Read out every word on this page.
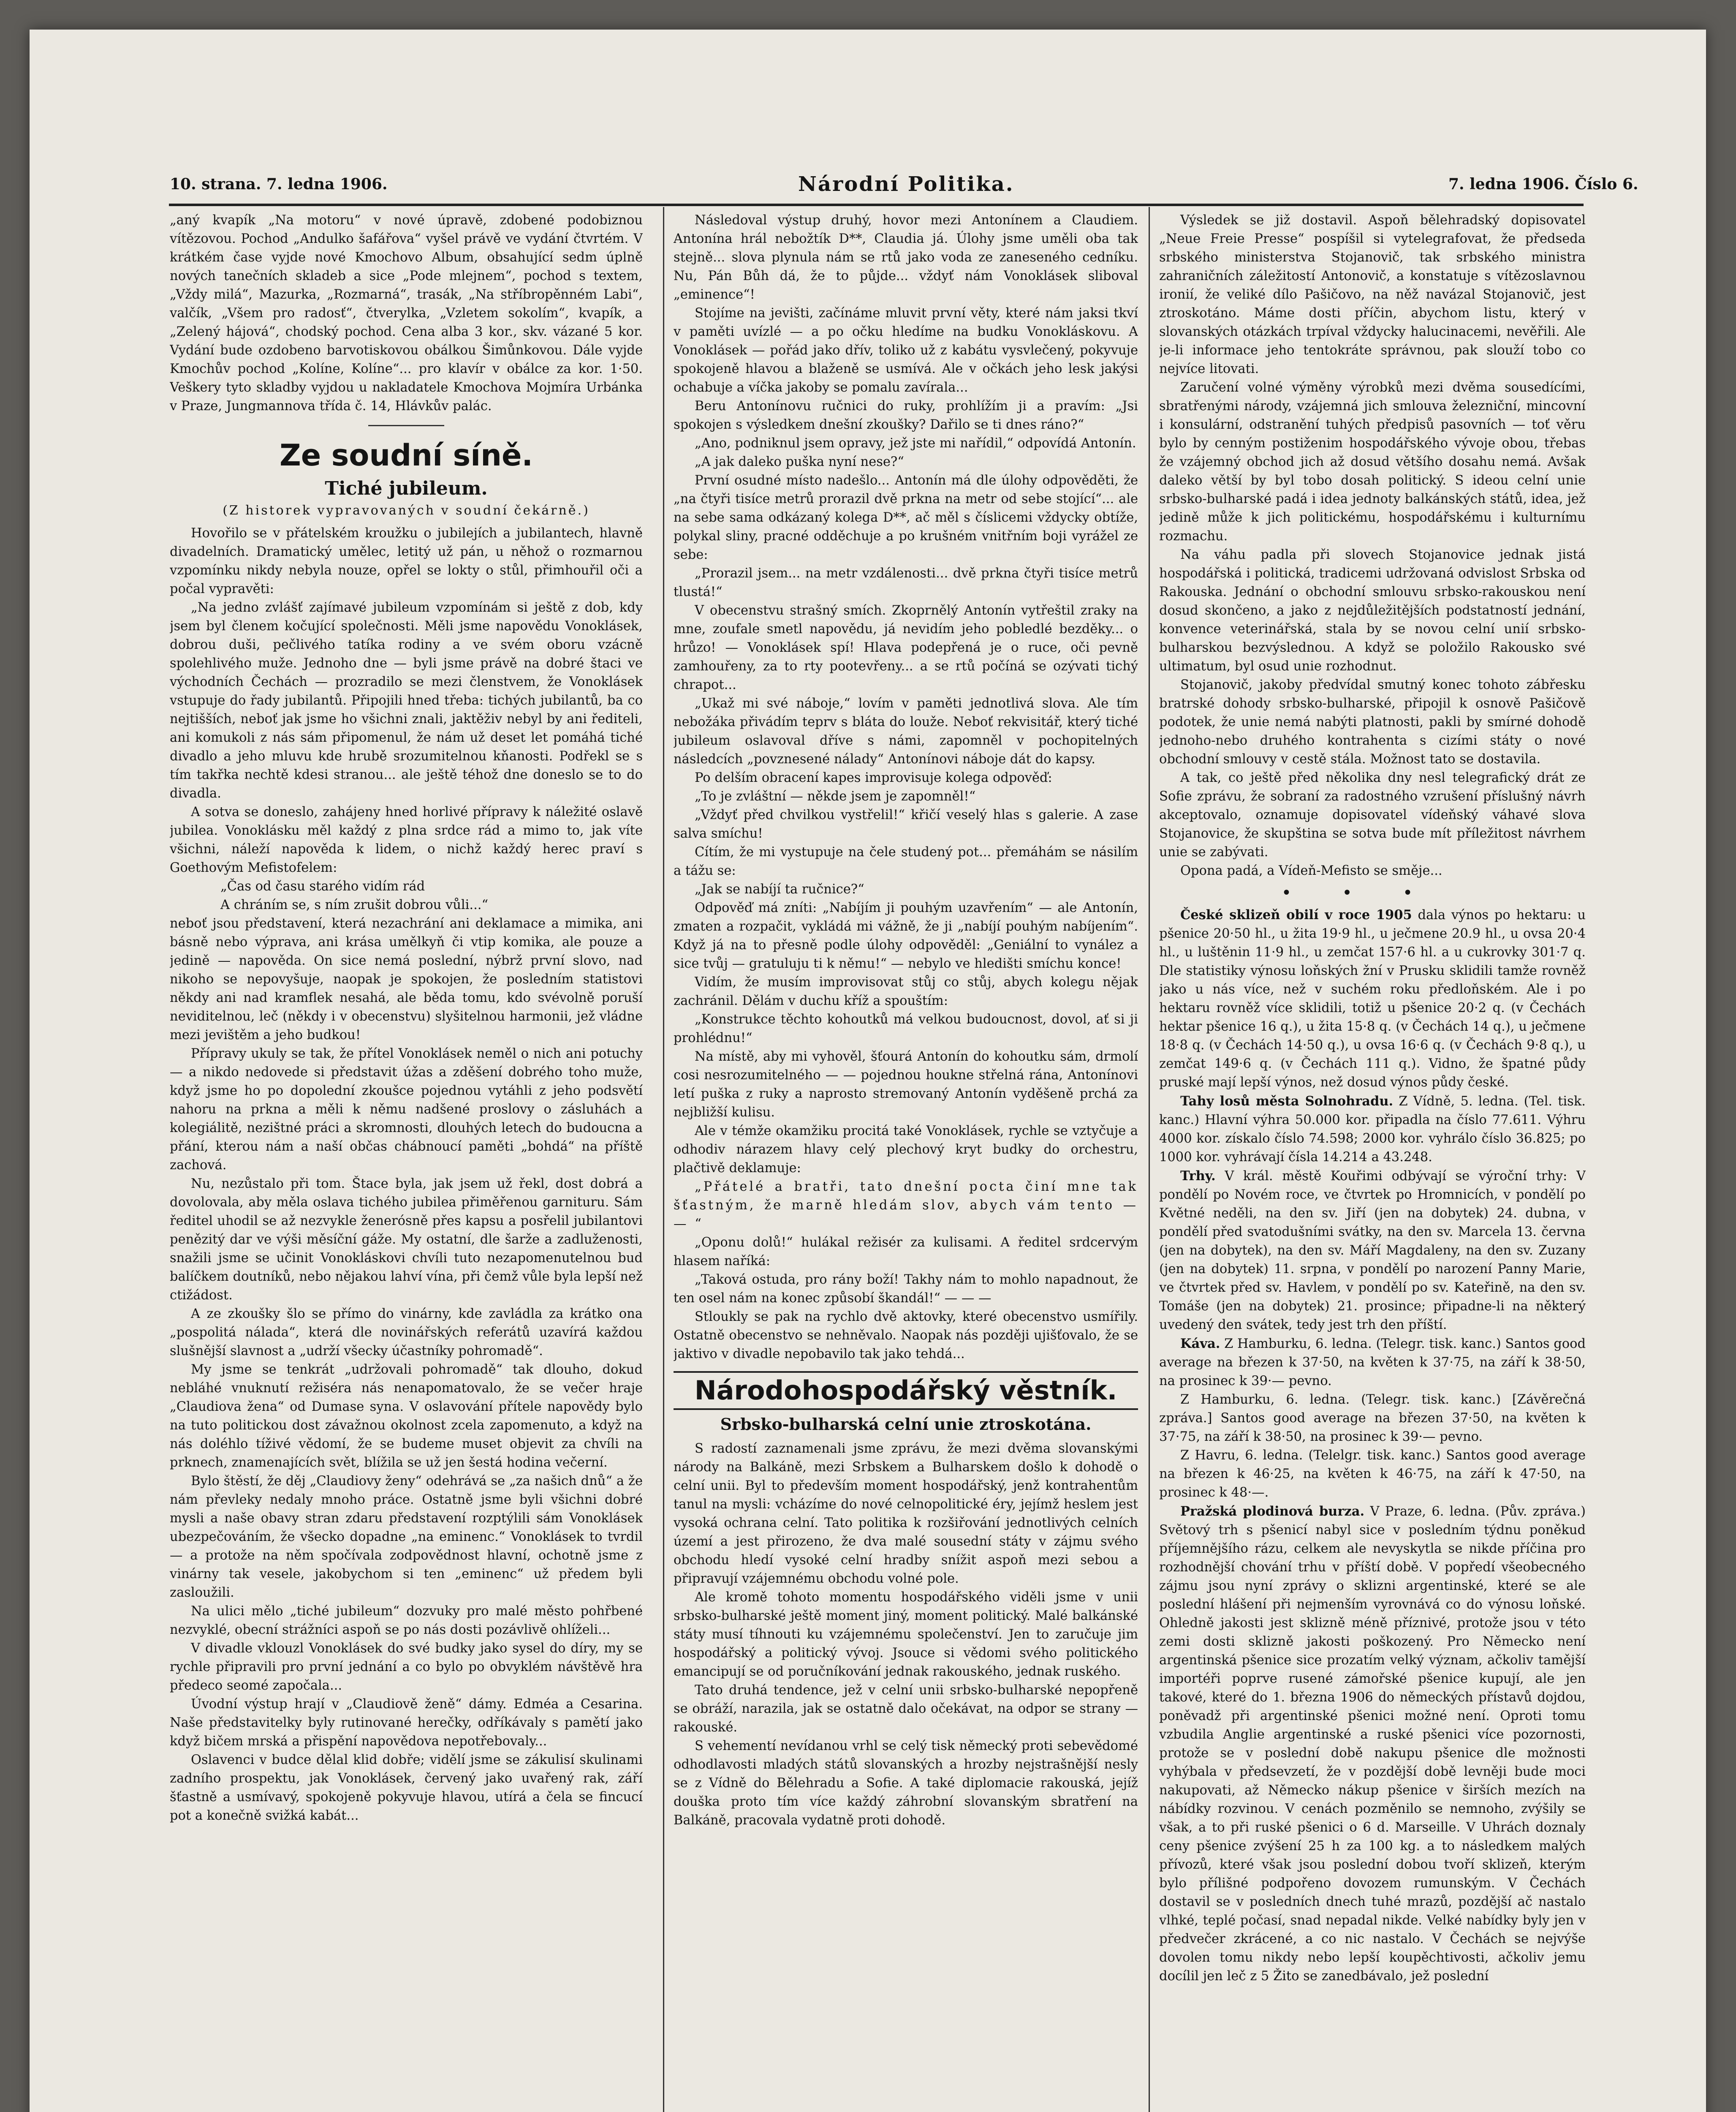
10. strana. 7. ledna 1906.	Národní Politika.	7. ledna 1906. Číslo 6.

„aný kvapík „Na motoru“ v nové úpravě, zdobené podobiznou vítězovou. Pochod „Andulko šafářova“ vyšel právě ve vydání čtvrtém. V krátkém čase vyjde nové Kmochovo Album, obsahující sedm úplně nových tanečních skladeb a sice „Pode mlejnem“, pochod s textem, „Vždy milá“, Mazurka, „Rozmarná“, trasák, „Na stříbropěnném Labi“, valčík, „Všem pro radosť“, čtverylka, „Vzletem sokolím“, kvapík, a „Zelený hájová“, chodský pochod. Cena alba 3 kor., skv. vázané 5 kor. Vydání bude ozdobeno barvotiskovou obálkou Šimůnkovou. Dále vyjde Kmochův pochod „Kolíne, Kolíne“... pro klavír v obálce za kor. 1·50. Veškery tyto skladby vyjdou u nakladatele Kmochova Mojmíra Urbánka v Praze, Jungmannova třída č. 14, Hlávkův palác.

Ze soudní síně.
Tiché jubileum.
(Z historek vypravovaných v soudní čekárně.)

Hovořilo se v přátelském kroužku o jubilejích a jubilantech, hlavně divadelních. Dramatický umělec, letitý už pán, u něhož o rozmarnou vzpomínku nikdy nebyla nouze, opřel se lokty o stůl, přimhouřil oči a počal vypravěti:

„Na jedno zvlášť zajímavé jubileum vzpomínám si ještě z dob, kdy jsem byl členem kočující společnosti. Měli jsme napovědu Vonoklásek, dobrou duši, pečlivého tatíka rodiny a ve svém oboru vzácně spolehlivého muže. Jednoho dne — byli jsme právě na dobré štaci ve východních Čechách — prozradilo se mezi členstvem, že Vonoklásek vstupuje do řady jubilantů. Připojili hned třeba: tichých jubilantů, ba co nejtišších, neboť jak jsme ho všichni znali, jaktěživ nebyl by ani řediteli, ani komukoli z nás sám připomenul, že nám už deset let pomáhá tiché divadlo a jeho mluvu kde hrubě srozumitelnou kňanosti. Podřekl se s tím takřka nechtě kdesi stranou... ale ještě téhož dne doneslo se to do divadla.

A sotva se doneslo, zahájeny hned horlivé přípravy k náležité oslavě jubilea. Vonoklásku měl každý z plna srdce rád a mimo to, jak víte všichni, náleží napověda k lidem, o nichž každý herec praví s Goethovým Mefistofelem:

„Čas od času starého vidím rád

A chráním se, s ním zrušit dobrou vůli...“

neboť jsou představení, která nezachrání ani deklamace a mimika, ani básně nebo výprava, ani krása umělkyň či vtip komika, ale pouze a jedině — napověda. On sice nemá poslední, nýbrž první slovo, nad nikoho se nepovyšuje, naopak je spokojen, že posledním statistovi někdy ani nad kramflek nesahá, ale běda tomu, kdo svévolně poruší neviditelnou, leč (někdy i v obecenstvu) slyšitelnou harmonii, jež vládne mezi jevištěm a jeho budkou!

Přípravy ukuly se tak, že přítel Vonoklásek neměl o nich ani potuchy — a nikdo nedovede si představit úžas a zděšení dobrého toho muže, když jsme ho po dopolední zkoušce pojednou vytáhli z jeho podsvětí nahoru na prkna a měli k němu nadšené proslovy o zásluhách a kolegiálitě, nezištné práci a skromnosti, dlouhých letech do budoucna a přání, kterou nám a naší občas chábnoucí paměti „bohdá“ na příště zachová.

Nu, nezůstalo při tom. Štace byla, jak jsem už řekl, dost dobrá a dovolovala, aby měla oslava tichého jubilea přiměřenou garnituru. Sám ředitel uhodil se až nezvykle ženerósně přes kapsu a posřelil jubilantovi penězitý dar ve výši měsíční gáže. My ostatní, dle šarže a zadluženosti, snažili jsme se učinit Vonokláskovi chvíli tuto nezapomenutelnou bud balíčkem doutníků, nebo nějakou lahví vína, při čemž vůle byla lepší než ctižádost.

A ze zkoušky šlo se přímo do vinárny, kde zavládla za krátko ona „pospolitá nálada“, která dle novinářských referátů uzavírá každou slušnější slavnost a „udrží všecky účastníky pohromadě“.

My jsme se tenkrát „udržovali pohromadě“ tak dlouho, dokud nebláhé vnuknutí režiséra nás nenapomatovalo, že se večer hraje „Claudiova žena“ od Dumase syna. V oslavování přítele napovědy bylo na tuto politickou dost závažnou okolnost zcela zapomenuto, a když na nás doléhlo tíživé vědomí, že se budeme muset objevit za chvíli na prknech, znamenajících svět, blížila se už jen šestá hodina večerní.

Bylo štěstí, že děj „Claudiovy ženy“ odehrává se „za našich dnů“ a že nám převleky nedaly mnoho práce. Ostatně jsme byli všichni dobré mysli a naše obavy stran zdaru představení rozptýlili sám Vonoklásek ubezpečováním, že všecko dopadne „na eminenc.“ Vonoklásek to tvrdil — a protože na něm spočívala zodpovědnost hlavní, ochotně jsme z vinárny tak vesele, jakobychom si ten „eminenc“ už předem byli zasloužili.

Na ulici mělo „tiché jubileum“ dozvuky pro malé město pohřbené nezvyklé, obecní strážníci aspoň se po nás dosti pozávlivě ohlíželi...

V divadle vklouzl Vonoklásek do své budky jako sysel do díry, my se rychle připravili pro první jednání a co bylo po obvyklém návštěvě hra předeco seomé započala...

Úvodní výstup hrají v „Claudiově ženě“ dámy. Edméa a Cesarina. Naše představitelky byly rutinované herečky, odříkávaly s pamětí jako když bičem mrská a přispění napovědova nepotřebovaly...

Oslavenci v budce dělal klid dobře; vidělí jsme se zákulisí skulinami zadního prospektu, jak Vonoklásek, červený jako uvařený rak, září šťastně a usmívavý, spokojeně pokyvuje hlavou, utírá a čela se fincucí pot a konečně svižká kabát...

Následoval výstup druhý, hovor mezi Antonínem a Claudiem. Antonína hrál nebožtík D**, Claudia já. Úlohy jsme uměli oba tak stejně... slova plynula nám se rtů jako voda ze zaneseného cedníku. Nu, Pán Bůh dá, že to půjde... vždyť nám Vonoklásek sliboval „eminence“!

Stojíme na jevišti, začínáme mluvit první věty, které nám jaksi tkví v paměti uvízlé — a po očku hledíme na budku Vonokláskovu. A Vonoklásek — pořád jako dřív, toliko už z kabátu vysvlečený, pokyvuje spokojeně hlavou a blaženě se usmívá. Ale v očkách jeho lesk jakýsi ochabuje a víčka jakoby se pomalu zavírala...

Beru Antonínovu ručnici do ruky, prohlížím ji a pravím: „Jsi spokojen s výsledkem dnešní zkoušky? Dařilo se ti dnes ráno?“

„Ano, podniknul jsem opravy, jež jste mi nařídil,“ odpovídá Antonín.

„A jak daleko puška nyní nese?“

První osudné místo nadešlo... Antonín má dle úlohy odpověděti, že „na čtyři tisíce metrů prorazil dvě prkna na metr od sebe stojící“... ale na sebe sama odkázaný kolega D**, ač měl s číslicemi vždycky obtíže, polykal sliny, pracné odděchuje a po krušném vnitřním boji vyrážel ze sebe:

„Prorazil jsem... na metr vzdálenosti... dvě prkna čtyři tisíce metrů tlustá!“

V obecenstvu strašný smích. Zkoprnělý Antonín vytřeštil zraky na mne, zoufale smetl napovědu, já nevidím jeho pobledlé bezděky... o hrůzo! — Vonoklásek spí! Hlava podepřená je o ruce, oči pevně zamhouřeny, za to rty pootevřeny... a se rtů počíná se ozývati tichý chrapot...

„Ukaž mi své náboje,“ lovím v paměti jednotlivá slova. Ale tím nebožáka přivádím teprv s bláta do louže. Neboť rekvisitář, který tiché jubileum oslavoval dříve s námi, zapomněl v pochopitelných následcích „povznesené nálady“ Antonínovi náboje dát do kapsy.

Po delším obracení kapes improvisuje kolega odpověď:

„To je zvláštní — někde jsem je zapomněl!“

„Vždyť před chvilkou vystřelil!“ křičí veselý hlas s galerie. A zase salva smíchu!

Cítím, že mi vystupuje na čele studený pot... přemáhám se násilím a tážu se:

„Jak se nabíjí ta ručnice?“

Odpověď má zníti: „Nabíjím ji pouhým uzavřením“ — ale Antonín, zmaten a rozpačit, vykládá mi vážně, že ji „nabíjí pouhým nabíjením“. Když já na to přesně podle úlohy odpověděl: „Geniální to vynález a sice tvůj — gratuluju ti k němu!“ — nebylo ve hledišti smíchu konce!

Vidím, že musím improvisovat stůj co stůj, abych kolegu nějak zachránil. Dělám v duchu kříž a spouštím:

„Konstrukce těchto kohoutků má velkou budoucnost, dovol, ať si ji prohlédnu!“

Na místě, aby mi vyhověl, šťourá Antonín do kohoutku sám, drmolí cosi nesrozumitelného — — pojednou houkne střelná rána, Antonínovi letí puška z ruky a naprosto stremovaný Antonín vyděšeně prchá za nejbližší kulisu.

Ale v témže okamžiku procitá také Vonoklásek, rychle se vztyčuje a odhodiv nárazem hlavy celý plechový kryt budky do orchestru, plačtivě deklamuje:

„Přátelé a bratři, tato dnešní pocta činí mne tak šťastným, že marně hledám slov, abych vám tento — — “

„Oponu dolů!“ hulákal režisér za kulisami. A ředitel srdcervým hlasem naříká:

„Taková ostuda, pro rány boží! Takhy nám to mohlo napadnout, že ten osel nám na konec způsobí škandál!“ — — —

Stloukly se pak na rychlo dvě aktovky, které obecenstvo usmířily. Ostatně obecenstvo se nehněvalo. Naopak nás později ujišťovalo, že se jaktivo v divadle nepobavilo tak jako tehdá...

Národohospodářský věstník.
Srbsko-bulharská celní unie ztroskotána.

S radostí zaznamenali jsme zprávu, že mezi dvěma slovanskými národy na Balkáně, mezi Srbskem a Bulharskem došlo k dohodě o celní unii. Byl to především moment hospodářský, jenž kontrahentům tanul na mysli: vcházíme do nové celnopolitické éry, jejímž heslem jest vysoká ochrana celní. Tato politika k rozšiřování jednotlivých celních území a jest přirozeno, že dva malé sousední státy v zájmu svého obchodu hledí vysoké celní hradby snížit aspoň mezi sebou a připravují vzájemnému obchodu volné pole.

Ale kromě tohoto momentu hospodářského viděli jsme v unii srbsko-bulharské ještě moment jiný, moment politický. Malé balkánské státy musí tíhnouti ku vzájemnému společenství. Jen to zaručuje jim hospodářský a politický vývoj. Jsouce si vědomi svého politického emancipují se od poručníkování jednak rakouského, jednak ruského.

Tato druhá tendence, jež v celní unii srbsko-bulharské nepopřeně se obráží, narazila, jak se ostatně dalo očekávat, na odpor se strany — rakouské.

S vehementí nevídanou vrhl se celý tisk německý proti sebevědomé odhodlavosti mladých států slovanských a hrozby nejstrašnější nesly se z Vídně do Bělehradu a Sofie. A také diplomacie rakouská, jejíž douška proto tím více každý záhrobní slovanským sbratření na Balkáně, pracovala vydatně proti dohodě.

Výsledek se již dostavil. Aspoň bělehradský dopisovatel „Neue Freie Presse“ pospíšil si vytelegrafovat, že předseda srbského ministerstva Stojanovič, tak srbského ministra zahraničních záležitostí Antonovič, a konstatuje s vítězoslavnou ironií, že veliké dílo Pašičovo, na něž navázal Stojanovič, jest ztroskotáno. Máme dosti příčin, abychom listu, který v slovanských otázkách trpíval vždycky halucinacemi, nevěřili. Ale je-li informace jeho tentokráte správnou, pak slouží tobo co nejvíce litovati.

Zaručení volné výměny výrobků mezi dvěma sousedícími, sbratřenými národy, vzájemná jich smlouva železniční, mincovní i konsulární, odstranění tuhých předpisů pasovních — toť věru bylo by cenným postiženim hospodářského vývoje obou, třebas že vzájemný obchod jich až dosud většího dosahu nemá. Avšak daleko větší by byl tobo dosah politický. S ideou celní unie srbsko-bulharské padá i idea jednoty balkánských států, idea, jež jedině může k jich politickému, hospodářskému i kulturnímu rozmachu.

Na váhu padla při slovech Stojanovice jednak jistá hospodářská i politická, tradicemi udržovaná odvislost Srbska od Rakouska. Jednání o obchodní smlouvu srbsko-rakouskou není dosud skončeno, a jako z nejdůležitějších podstatností jednání, konvence veterinářská, stala by se novou celní unií srbsko-bulharskou bezvýslednou. A když se položilo Rakousko své ultimatum, byl osud unie rozhodnut.

Stojanovič, jakoby předvídal smutný konec tohoto zábřesku bratrské dohody srbsko-bulharské, připojil k osnově Pašičově podotek, že unie nemá nabýti platnosti, pakli by smírné dohodě jednoho-nebo druhého kontrahenta s cizími státy o nové obchodní smlouvy v cestě stála. Možnost tato se dostavila.

A tak, co ještě před několika dny nesl telegrafický drát ze Sofie zprávu, že sobraní za radostného vzrušení příslušný návrh akceptovalo, oznamuje dopisovatel vídeňský váhavé slova Stojanovice, že skupština se sotva bude mít příležitost návrhem unie se zabývati.

Opona padá, a Vídeň-Mefisto se směje...

•••

České sklizeň obilí v roce 1905 dala výnos po hektaru: u pšenice 20·50 hl., u žita 19·9 hl., u ječmene 20.9 hl., u ovsa 20·4 hl., u luštěnin 11·9 hl., u zemčat 157·6 hl. a u cukrovky 301·7 q. Dle statistiky výnosu loňských žní v Prusku sklidili tamže rovněž jako u nás více, než v suchém roku předloňském. Ale i po hektaru rovněž více sklidili, totiž u pšenice 20·2 q. (v Čechách hektar pšenice 16 q.), u žita 15·8 q. (v Čechách 14 q.), u ječmene 18·8 q. (v Čechách 14·50 q.), u ovsa 16·6 q. (v Čechách 9·8 q.), u zemčat 149·6 q. (v Čechách 111 q.). Vidno, že špatné půdy pruské mají lepší výnos, než dosud výnos půdy české.

Tahy losů města Solnohradu. Z Vídně, 5. ledna. (Tel. tisk. kanc.) Hlavní výhra 50.000 kor. připadla na číslo 77.611. Výhru 4000 kor. získalo číslo 74.598; 2000 kor. vyhrálo číslo 36.825; po 1000 kor. vyhrávají čísla 14.214 a 43.248.

Trhy. V král. městě Kouřimi odbývají se výroční trhy: V pondělí po Novém roce, ve čtvrtek po Hromnicích, v pondělí po Květné neděli, na den sv. Jiří (jen na dobytek) 24. dubna, v pondělí před svatodušními svátky, na den sv. Marcela 13. června (jen na dobytek), na den sv. Máří Magdaleny, na den sv. Zuzany (jen na dobytek) 11. srpna, v pondělí po narození Panny Marie, ve čtvrtek před sv. Havlem, v pondělí po sv. Kateřině, na den sv. Tomáše (jen na dobytek) 21. prosince; připadne-li na některý uvedený den svátek, tedy jest trh den příští.

Káva. Z Hamburku, 6. ledna. (Telegr. tisk. kanc.) Santos good average na březen k 37·50, na květen k 37·75, na září k 38·50, na prosinec k 39·— pevno.

Z Hamburku, 6. ledna. (Telegr. tisk. kanc.) [Závěrečná zpráva.] Santos good average na březen 37·50, na květen k 37·75, na září k 38·50, na prosinec k 39·— pevno.

Z Havru, 6. ledna. (Telelgr. tisk. kanc.) Santos good average na březen k 46·25, na květen k 46·75, na září k 47·50, na prosinec k 48·—.

Pražská plodinová burza. V Praze, 6. ledna. (Pův. zpráva.) Světový trh s pšenicí nabyl sice v posledním týdnu poněkud příjemnějšího rázu, celkem ale nevyskytla se nikde příčina pro rozhodnější chování trhu v příští době. V popředí všeobecného zájmu jsou nyní zprávy o sklizni argentinské, které se ale poslední hlášení při nejmenším vyrovnává co do výnosu loňské. Ohledně jakosti jest sklizně méně příznivé, protože jsou v této zemi dosti sklizně jakosti poškozený. Pro Německo není argentinská pšenice sice prozatím velký význam, ačkoliv tamější importéři poprve rusené zámořské pšenice kupují, ale jen takové, které do 1. března 1906 do německých přístavů dojdou, poněvadž při argentinské pšenici možné není. Oproti tomu vzbudila Anglie argentinské a ruské pšenici více pozornosti, protože se v poslední době nakupu pšenice dle možnosti vyhýbala v předsevzetí, že v pozdější době levněji bude moci nakupovati, až Německo nákup pšenice v širších mezích na nábídky rozvinou. V cenách pozměnilo se nemnoho, zvýšily se však, a to při ruské pšenici o 6 d. Marseille. V Uhrách doznaly ceny pšenice zvýšení 25 h za 100 kg. a to následkem malých přívozů, které však jsou poslední dobou tvoří sklizeň, kterým bylo přílišné podpořeno dovozem rumunským. V Čechách dostavil se v posledních dnech tuhé mrazů, pozdější ač nastalo vlhké, teplé počasí, snad nepadal nikde. Velké nabídky byly jen v předvečer zkrácené, a co nic nastalo. V Čechách se nejvýše dovolen tomu nikdy nebo lepší koupěchtivosti, ačkoliv jemu docílil jen leč z 5 Žito se zanedbávalo, jež poslední
